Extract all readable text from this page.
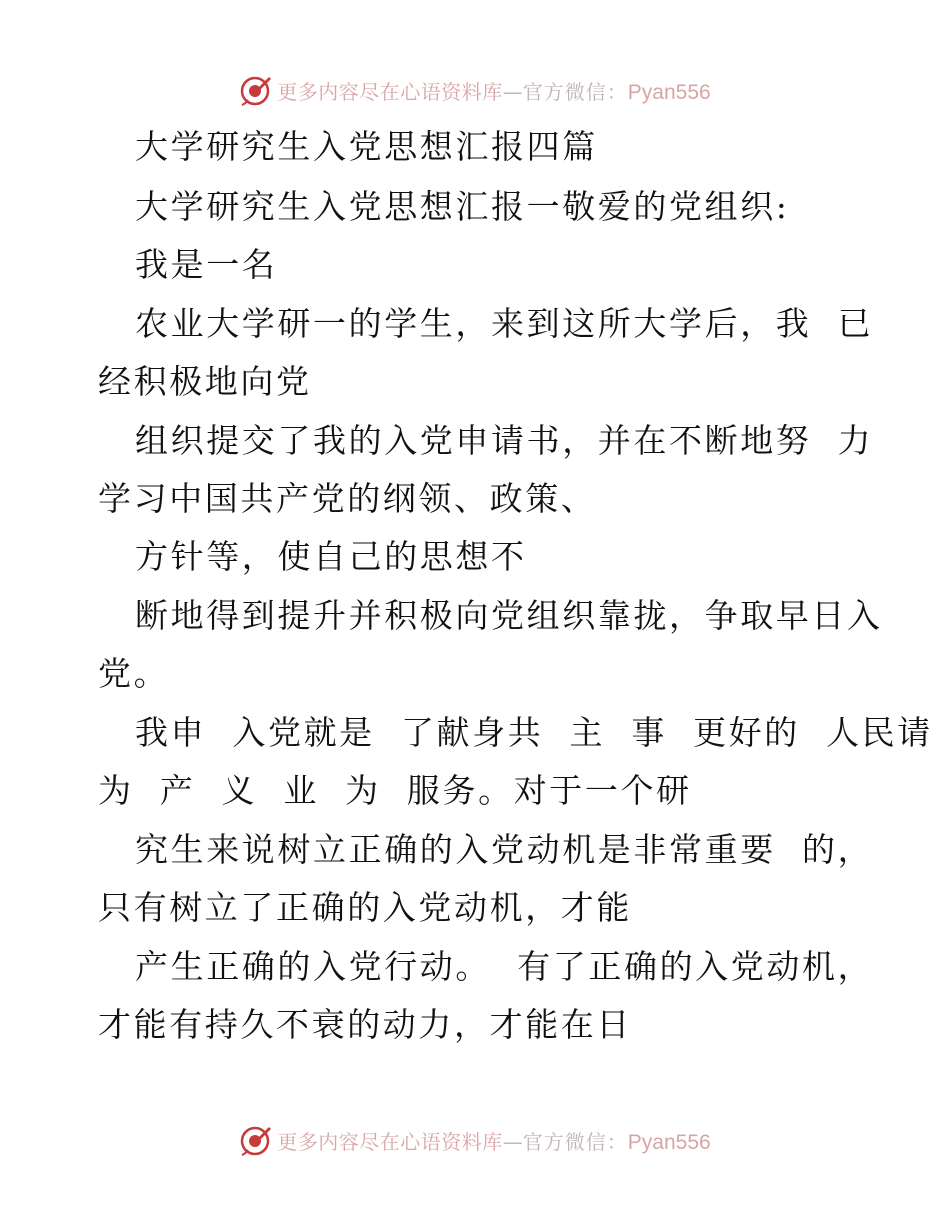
更多内容尽在心语资料库 — 官方微信： Pyan556
大学研究生入党思想汇报四篇
大学研究生入党思想汇报一敬爱的党组织:
我是一名
农业大学研一的学生，来到这所大学后，我  已
经积极地向党
组织提交了我的入党申请书，并在不断地努  力
学习中国共产党的纲领、政策、
方针等，使自己的思想不
断地得到提升并积极向党组织靠拢，争取早日入
党。
我申  入党就是  了献身共  主  事  更好的  人民请
为  产  义  业  为  服务。对于一个研
究生来说树立正确的入党动机是非常重要  的，
只有树立了正确的入党动机，才能
产生正确的入党行动。  有了正确的入党动机，
才能有持久不衰的动力，才能在日
更多内容尽在心语资料库 — 官方微信： Pyan556
